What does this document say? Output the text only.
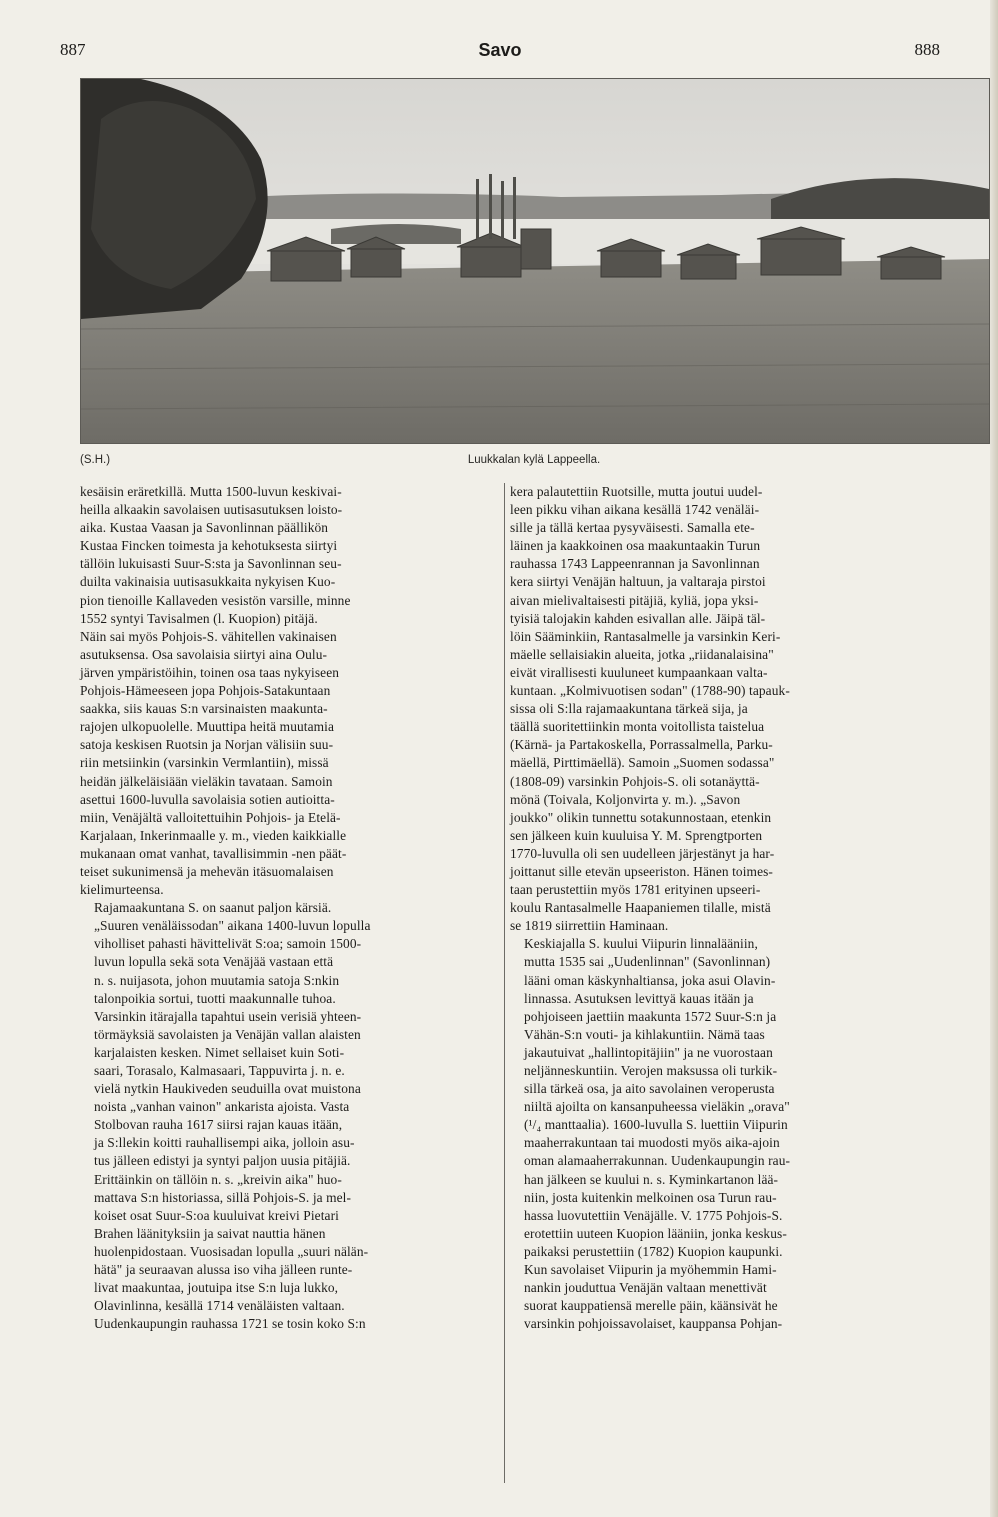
887	Savo	888
(S.H.)	Luukkalan kylä Lappeella.

kesäisin eräretkillä. Mutta 1500-luvun keskivai-
heilla alkaakin savolaisen uutisasutuksen loisto-
aika. Kustaa Vaasan ja Savonlinnan päällikön
Kustaa Fincken toimesta ja kehotuksesta siirtyi
tällöin lukuisasti Suur-S:sta ja Savonlinnan seu-
duilta vakinaisia uutisasukkaita nykyisen Kuo-
pion tienoille Kallaveden vesistön varsille, minne
1552 syntyi Tavisalmen (l. Kuopion) pitäjä.
Näin sai myös Pohjois-S. vähitellen vakinaisen
asutuksensa. Osa savolaisia siirtyi aina Oulu-
järven ympäristöihin, toinen osa taas nykyiseen
Pohjois-Hämeeseen jopa Pohjois-Satakuntaan
saakka, siis kauas S:n varsinaisten maakunta-
rajojen ulkopuolelle. Muuttipa heitä muutamia
satoja keskisen Ruotsin ja Norjan välisiin suu-
riin metsiinkin (varsinkin Vermlantiin), missä
heidän jälkeläisiään vieläkin tavataan. Samoin
asettui 1600-luvulla savolaisia sotien autioitta-
miin, Venäjältä valloitettuihin Pohjois- ja Etelä-
Karjalaan, Inkerinmaalle y. m., vieden kaikkialle
mukanaan omat vanhat, tavallisimmin -nen päät-
teiset sukunimensä ja mehevän itäsuomalaisen
kielimurteensa.

Rajamaakuntana S. on saanut paljon kärsiä.
„Suuren venäläissodan" aikana 1400-luvun lopulla
viholliset pahasti hävittelivät S:oa; samoin 1500-
luvun lopulla sekä sota Venäjää vastaan että
n. s. nuijasota, johon muutamia satoja S:nkin
talonpoikia sortui, tuotti maakunnalle tuhoa.
Varsinkin itärajalla tapahtui usein verisiä yhteen-
törmäyksiä savolaisten ja Venäjän vallan alaisten
karjalaisten kesken. Nimet sellaiset kuin Soti-
saari, Torasalo, Kalmasaari, Tappuvirta j. n. e.
vielä nytkin Haukiveden seuduilla ovat muistona
noista „vanhan vainon" ankarista ajoista. Vasta
Stolbovan rauha 1617 siirsi rajan kauas itään,
ja S:llekin koitti rauhallisempi aika, jolloin asu-
tus jälleen edistyi ja syntyi paljon uusia pitäjiä.
Erittäinkin on tällöin n. s. „kreivin aika" huo-
mattava S:n historiassa, sillä Pohjois-S. ja mel-
koiset osat Suur-S:oa kuuluivat kreivi Pietari
Brahen läänityksiin ja saivat nauttia hänen
huolenpidostaan. Vuosisadan lopulla „suuri nälän-
hätä" ja seuraavan alussa iso viha jälleen runte-
livat maakuntaa, joutuipa itse S:n luja lukko,
Olavinlinna, kesällä 1714 venäläisten valtaan.
Uudenkaupungin rauhassa 1721 se tosin koko S:n

kera palautettiin Ruotsille, mutta joutui uudel-
leen pikku vihan aikana kesällä 1742 venäläi-
sille ja tällä kertaa pysyväisesti. Samalla ete-
läinen ja kaakkoinen osa maakuntaakin Turun
rauhassa 1743 Lappeenrannan ja Savonlinnan
kera siirtyi Venäjän haltuun, ja valtaraja pirstoi
aivan mielivaltaisesti pitäjiä, kyliä, jopa yksi-
tyisiä talojakin kahden esivallan alle. Jäipä täl-
löin Sääminkiin, Rantasalmelle ja varsinkin Keri-
mäelle sellaisiakin alueita, jotka „riidanalaisina"
eivät virallisesti kuuluneet kumpaankaan valta-
kuntaan. „Kolmivuotisen sodan" (1788-90) tapauk-
sissa oli S:lla rajamaakuntana tärkeä sija, ja
täällä suoritettiinkin monta voitollista taistelua
(Kärnä- ja Partakoskella, Porrassalmella, Parku-
mäellä, Pirttimäellä). Samoin „Suomen sodassa"
(1808-09) varsinkin Pohjois-S. oli sotanäyttä-
mönä (Toivala, Koljonvirta y. m.). „Savon
joukko" olikin tunnettu sotakunnostaan, etenkin
sen jälkeen kuin kuuluisa Y. M. Sprengtporten
1770-luvulla oli sen uudelleen järjestänyt ja har-
joittanut sille etevän upseeriston. Hänen toimes-
taan perustettiin myös 1781 erityinen upseeri-
koulu Rantasalmelle Haapaniemen tilalle, mistä
se 1819 siirrettiin Haminaan.

Keskiajalla S. kuului Viipurin linnalääniin,
mutta 1535 sai „Uudenlinnan" (Savonlinnan)
lääni oman käskynhaltiansa, joka asui Olavin-
linnassa. Asutuksen levittyä kauas itään ja
pohjoiseen jaettiin maakunta 1572 Suur-S:n ja
Vähän-S:n vouti- ja kihlakuntiin. Nämä taas
jakautuivat „hallintopitäjiin" ja ne vuorostaan
neljänneskuntiin. Verojen maksussa oli turkik-
silla tärkeä osa, ja aito savolainen veroperusta
niiltä ajoilta on kansanpuheessa vieläkin „orava"
(¹/₄ manttaalia). 1600-luvulla S. luettiin Viipurin
maaherrakuntaan tai muodosti myös aika-ajoin
oman alamaaherrakunnan. Uudenkaupungin rau-
han jälkeen se kuului n. s. Kyminkartanon lää-
niin, josta kuitenkin melkoinen osa Turun rau-
hassa luovutettiin Venäjälle. V. 1775 Pohjois-S.
erotettiin uuteen Kuopion lääniin, jonka keskus-
paikaksi perustettiin (1782) Kuopion kaupunki.
Kun savolaiset Viipurin ja myöhemmin Hami-
nankin jouduttua Venäjän valtaan menettivät
suorat kauppatiensä merelle päin, käänsivät he
varsinkin pohjoissavolaiset, kauppansa Pohjan-
